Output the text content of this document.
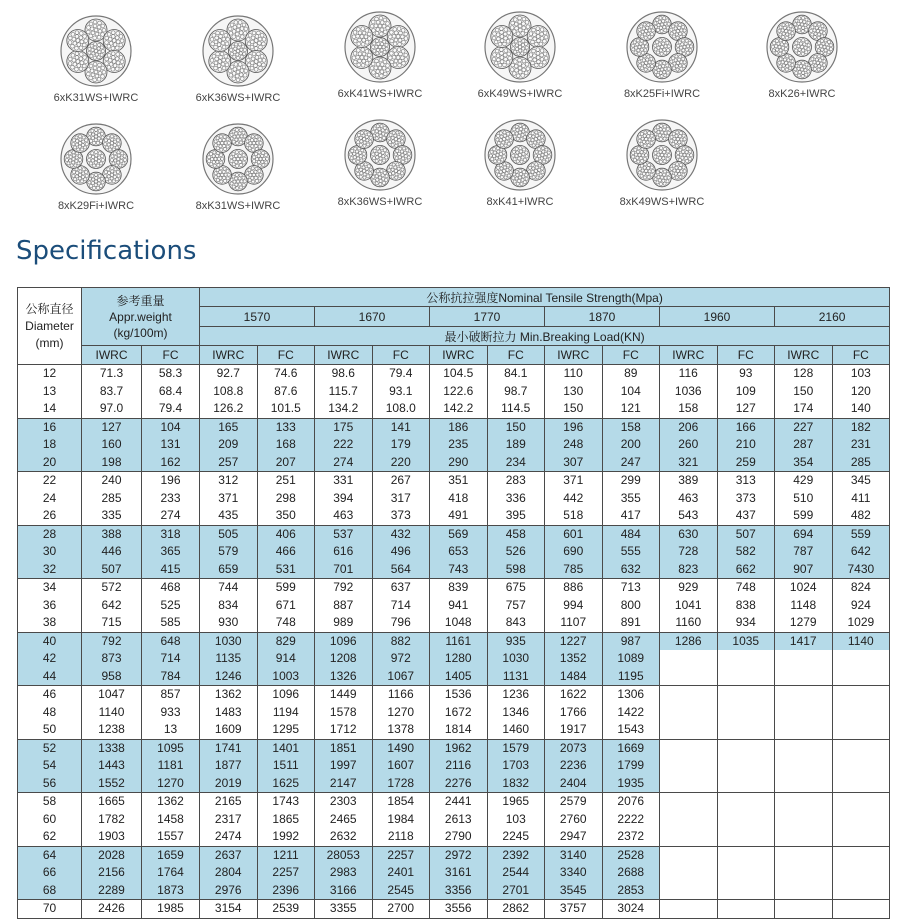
6xK31WS+IWRC	6xK36WS+IWRC	6xK41WS+IWRC	6xK49WS+IWRC	8xK25Fi+IWRC	8xK26+IWRC
8xK29Fi+IWRC	8xK31WS+IWRC	8xK36WS+IWRC	8xK41+IWRC	8xK49WS+IWRC
Specifications
公称直径
Diameter
(mm)	参考重量
Appr.weight
(kg/100m)		公称抗拉强度Nominal Tensile Strength(Mpa)											
			1570		1670		1770		1870		1960		2160	
			最小破断拉力 Min.Breaking Load(KN)											
	IWRC	FC	IWRC	FC	IWRC	FC	IWRC	FC	IWRC	FC	IWRC	FC	IWRC	FC
12	71.3	58.3	92.7	74.6	98.6	79.4	104.5	84.1	110	89	116	93	128	103
13	83.7	68.4	108.8	87.6	115.7	93.1	122.6	98.7	130	104	1036	109	150	120
14	97.0	79.4	126.2	101.5	134.2	108.0	142.2	114.5	150	121	158	127	174	140
16	127	104	165	133	175	141	186	150	196	158	206	166	227	182
18	160	131	209	168	222	179	235	189	248	200	260	210	287	231
20	198	162	257	207	274	220	290	234	307	247	321	259	354	285
22	240	196	312	251	331	267	351	283	371	299	389	313	429	345
24	285	233	371	298	394	317	418	336	442	355	463	373	510	411
26	335	274	435	350	463	373	491	395	518	417	543	437	599	482
28	388	318	505	406	537	432	569	458	601	484	630	507	694	559
30	446	365	579	466	616	496	653	526	690	555	728	582	787	642
32	507	415	659	531	701	564	743	598	785	632	823	662	907	7430
34	572	468	744	599	792	637	839	675	886	713	929	748	1024	824
36	642	525	834	671	887	714	941	757	994	800	1041	838	1148	924
38	715	585	930	748	989	796	1048	843	1107	891	1160	934	1279	1029
40	792	648	1030	829	1096	882	1161	935	1227	987	1286	1035	1417	1140
42	873	714	1135	914	1208	972	1280	1030	1352	1089				
44	958	784	1246	1003	1326	1067	1405	1131	1484	1195				
46	1047	857	1362	1096	1449	1166	1536	1236	1622	1306				
48	1140	933	1483	1194	1578	1270	1672	1346	1766	1422				
50	1238	13	1609	1295	1712	1378	1814	1460	1917	1543				
52	1338	1095	1741	1401	1851	1490	1962	1579	2073	1669				
54	1443	1181	1877	1511	1997	1607	2116	1703	2236	1799				
56	1552	1270	2019	1625	2147	1728	2276	1832	2404	1935				
58	1665	1362	2165	1743	2303	1854	2441	1965	2579	2076				
60	1782	1458	2317	1865	2465	1984	2613	103	2760	2222				
62	1903	1557	2474	1992	2632	2118	2790	2245	2947	2372				
64	2028	1659	2637	1211	28053	2257	2972	2392	3140	2528				
66	2156	1764	2804	2257	2983	2401	3161	2544	3340	2688				
68	2289	1873	2976	2396	3166	2545	3356	2701	3545	2853				
70	2426	1985	3154	2539	3355	2700	3556	2862	3757	3024				
